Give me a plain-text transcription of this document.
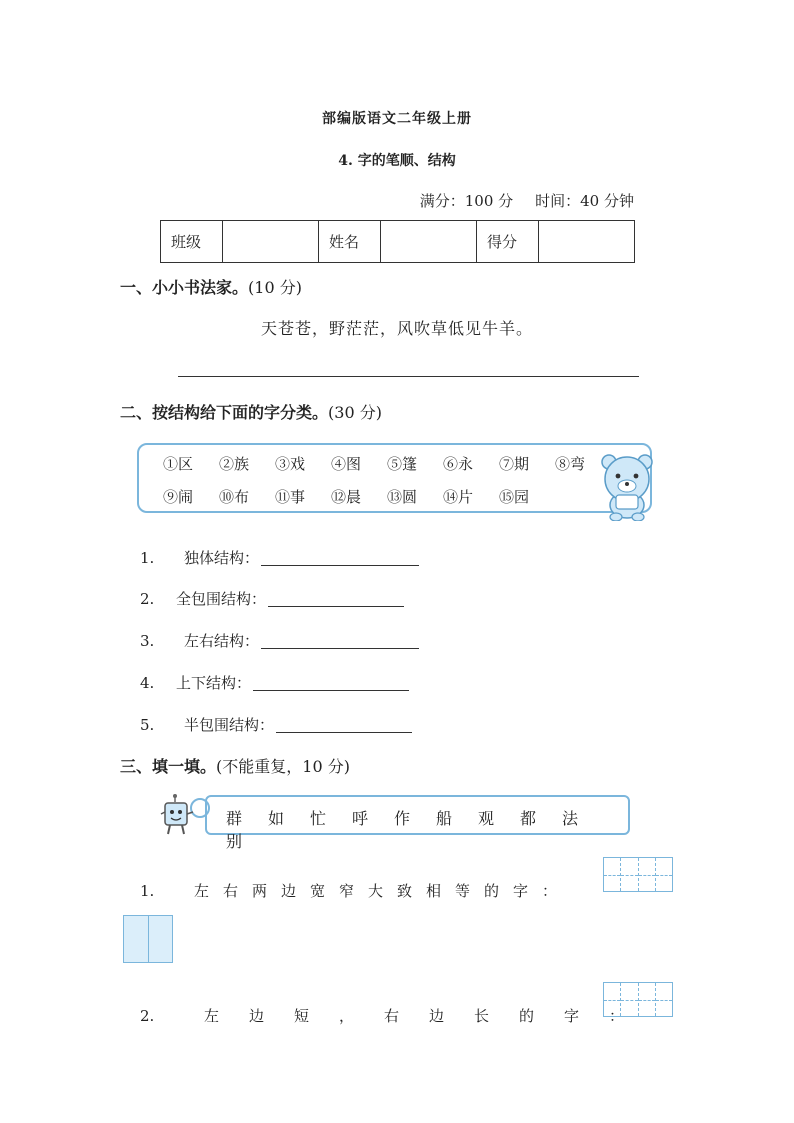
部编版语文二年级上册
4. 字的笔顺、结构
满分：100 分 时间：40 分钟
班级		姓名		得分	
一、小小书法家。(10 分)
天苍苍，野茫茫，风吹草低见牛羊。
二、按结构给下面的字分类。(30 分)
①区 ②族 ③戏 ④图 ⑤篷 ⑥永 ⑦期 ⑧弯
⑨闹 ⑩布 ⑪事 ⑫晨 ⑬圆 ⑭片 ⑮园
1. 独体结构：
2. 全包围结构：
3. 左右结构：
4. 上下结构：
5. 半包围结构：
三、填一填。(不能重复，10 分)
群 如 忙 呼 作 船 观 都 法别
1.	左右两边宽窄大致相等的字：
2.	左边短，右边长的字：
